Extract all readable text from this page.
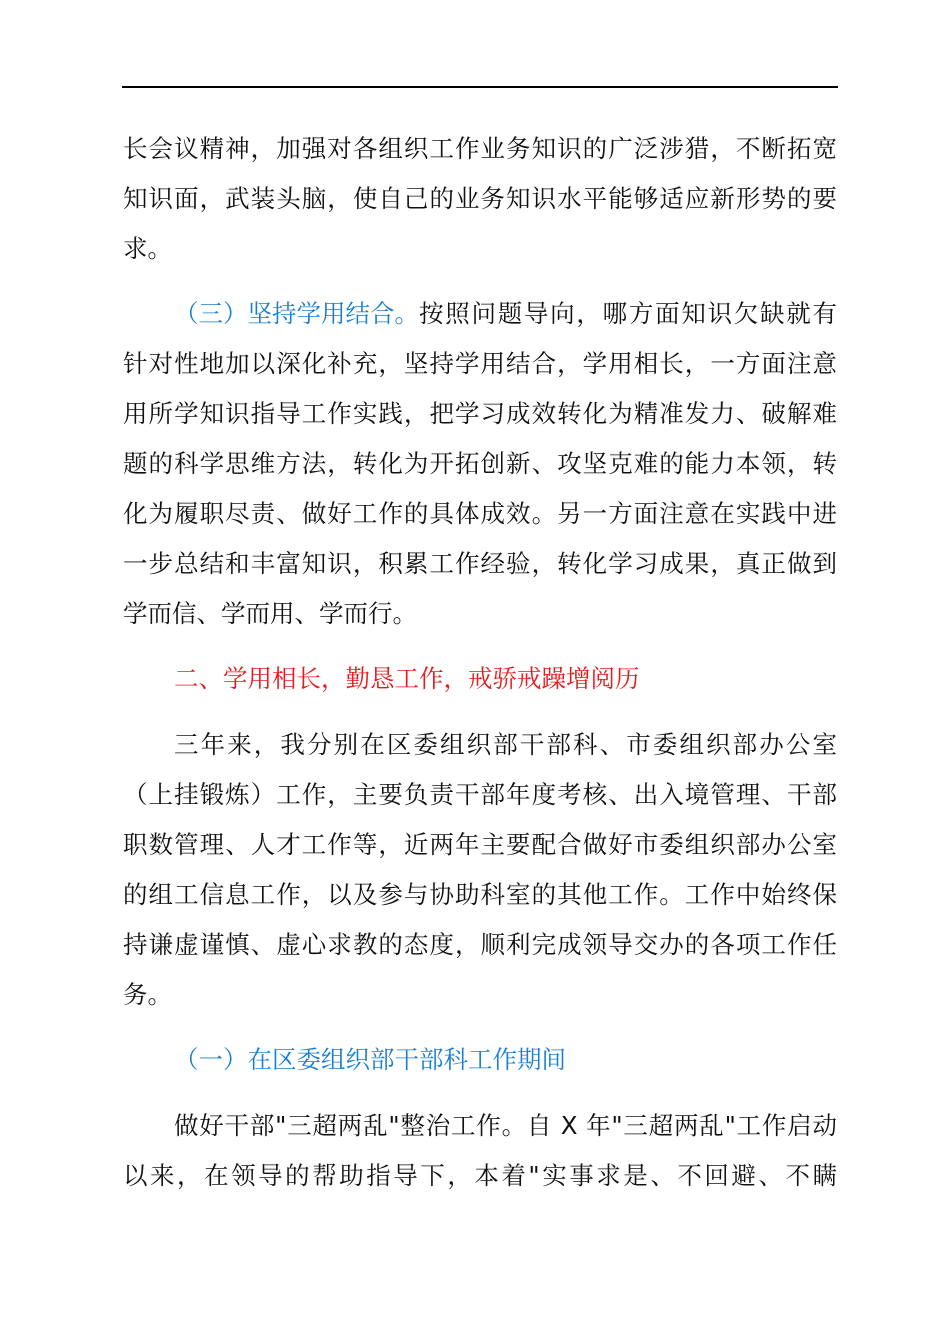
长会议精神，加强对各组织工作业务知识的广泛涉猎，不断拓宽
知识面，武装头脑，使自己的业务知识水平能够适应新形势的要
求。
（三）坚持学用结合。 按照问题导向，哪方面知识欠缺就有
针对性地加以深化补充，坚持学用结合，学用相长，一方面注意
用所学知识指导工作实践，把学习成效转化为精准发力、破解难
题的科学思维方法，转化为开拓创新、攻坚克难的能力本领，转
化为履职尽责、做好工作的具体成效。另一方面注意在实践中进
一步总结和丰富知识，积累工作经验，转化学习成果，真正做到
学而信、学而用、学而行。
二、学用相长，勤恳工作，戒骄戒躁增阅历
三年来，我分别在区委组织部干部科、市委组织部办公室
（上挂锻炼）工作，主要负责干部年度考核、出入境管理、干部
职数管理、人才工作等，近两年主要配合做好市委组织部办公室
的组工信息工作，以及参与协助科室的其他工作。工作中始终保
持谦虚谨慎、虚心求教的态度，顺利完成领导交办的各项工作任
务。
（一）在区委组织部干部科工作期间
做好干部"三超两乱"整治工作。自 X 年"三超两乱"工作启动
以来，在领导的帮助指导下，本着"实事求是、不回避、不瞒
